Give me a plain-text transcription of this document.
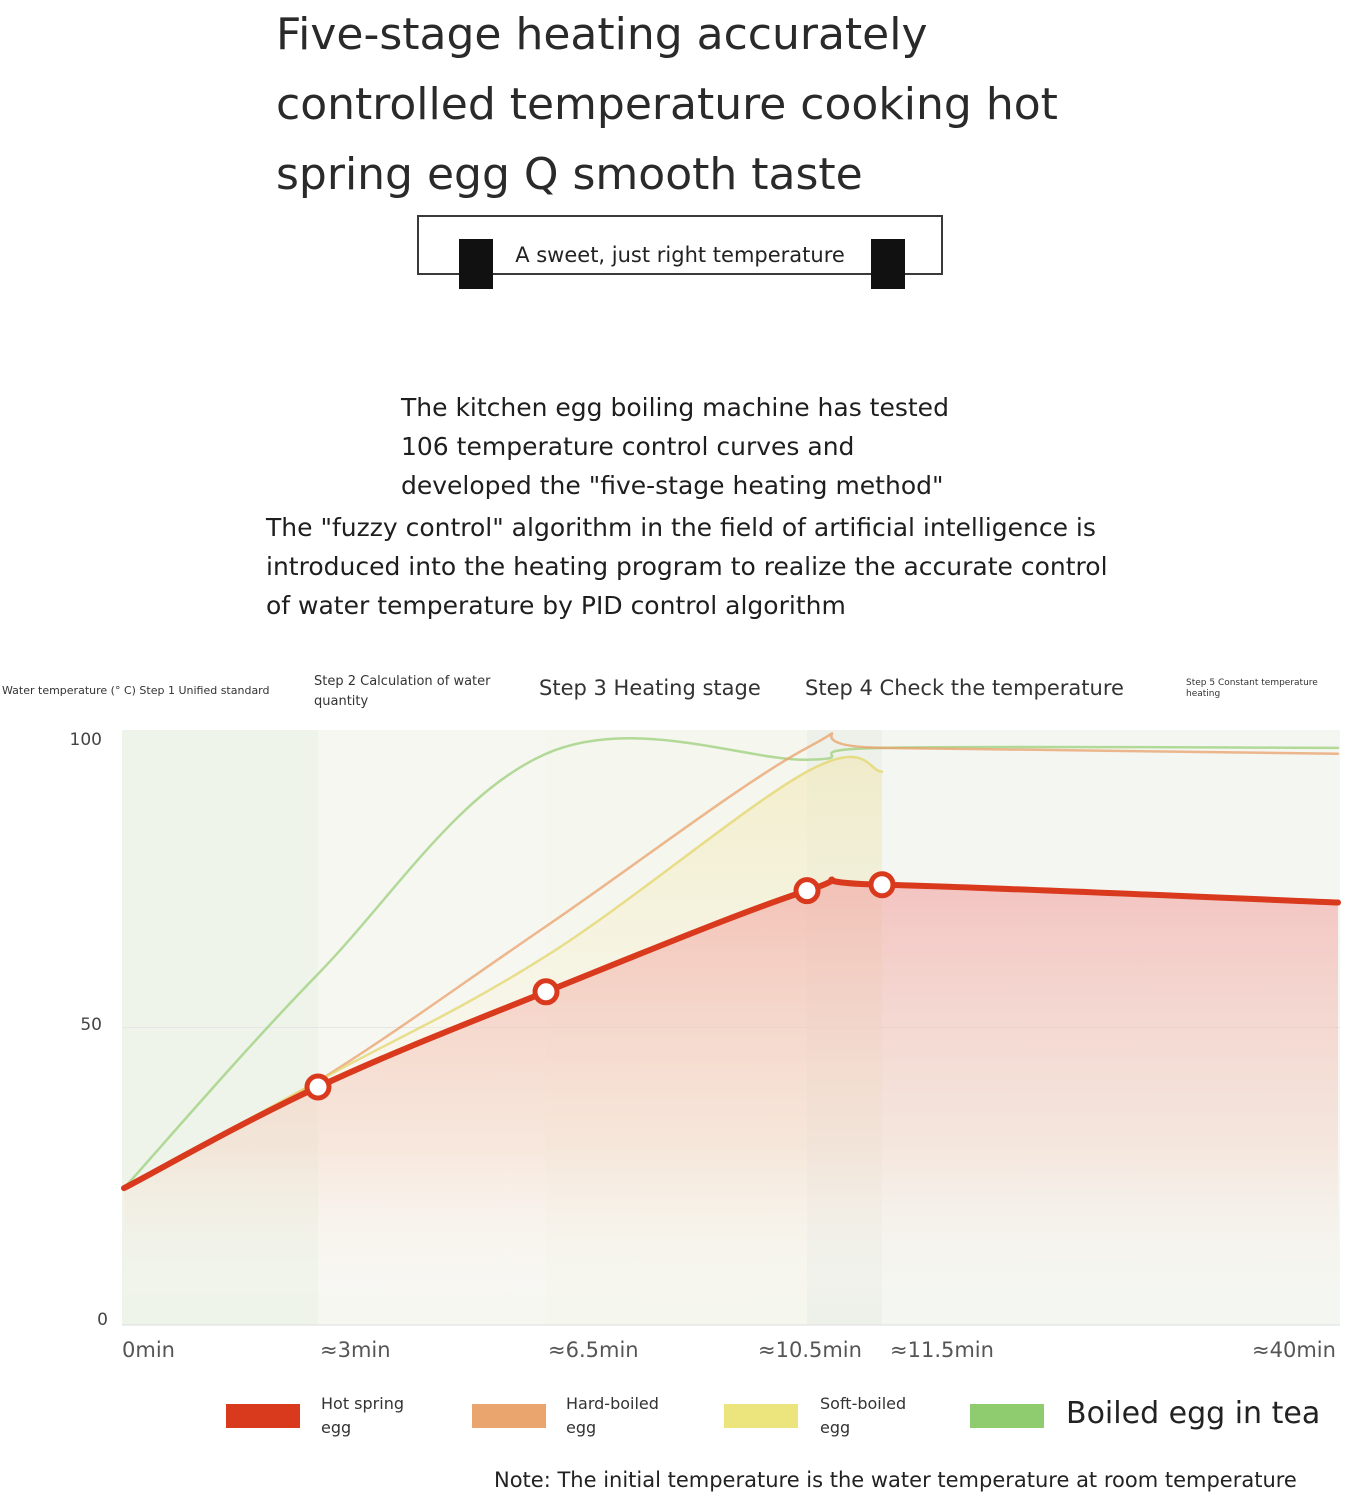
Five-stage heating accurately
controlled temperature cooking hot
spring egg Q smooth taste
A sweet, just right temperature
The kitchen egg boiling machine has tested
106 temperature control curves and
developed the "five-stage heating method"
The "fuzzy control" algorithm in the field of artificial intelligence is
introduced into the heating program to realize the accurate control
of water temperature by PID control algorithm
Water temperature (° C) Step 1 Unified standard
Step 2 Calculation of water quantity
Step 3 Heating stage	Step 4 Check the temperature	Step 5 Constant temperature heating
100
50
0
0min	≈3min	≈6.5min	≈10.5min ≈11.5min	≈40min
Hot spring
egg
Hard-boiled
egg
Soft-boiled
egg	Boiled egg in tea
Note: The initial temperature is the water temperature at room temperature
